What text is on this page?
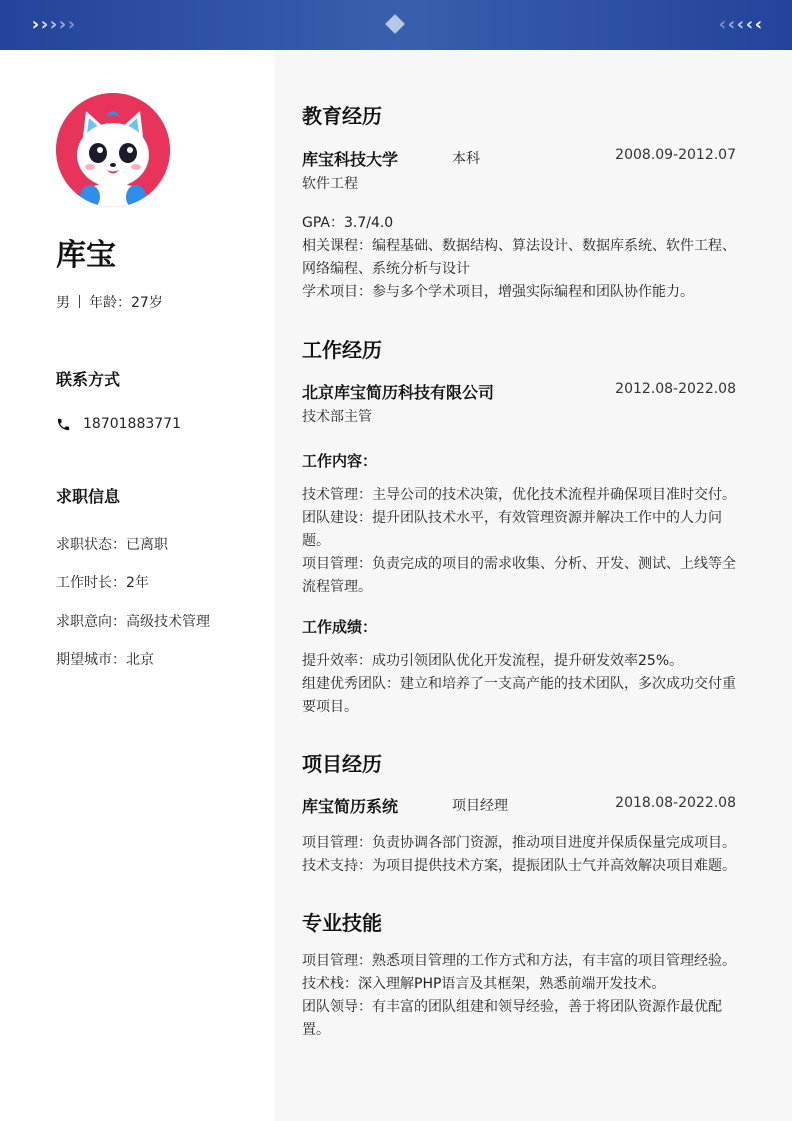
› › › › ›	‹ ‹ ‹ ‹ ‹
库宝
男 年龄：27岁
联系方式
18701883771
求职信息
求职状态：已离职
工作时长：2年
求职意向：高级技术管理
期望城市：北京
教育经历
库宝科技大学	本科	2008.09-2012.07
软件工程
GPA：3.7/4.0
相关课程：编程基础、数据结构、算法设计、数据库系统、软件工程、网络编程、系统分析与设计
学术项目：参与多个学术项目，增强实际编程和团队协作能力。
工作经历
北京库宝简历科技有限公司	2012.08-2022.08
技术部主管
工作内容：
技术管理：主导公司的技术决策，优化技术流程并确保项目准时交付。
团队建设：提升团队技术水平，有效管理资源并解决工作中的人力问题。
项目管理：负责完成的项目的需求收集、分析、开发、测试、上线等全流程管理。
工作成绩：
提升效率：成功引领团队优化开发流程，提升研发效率25%。
组建优秀团队：建立和培养了一支高产能的技术团队，多次成功交付重要项目。
项目经历
库宝简历系统	项目经理	2018.08-2022.08
项目管理：负责协调各部门资源，推动项目进度并保质保量完成项目。
技术支持：为项目提供技术方案，提振团队士气并高效解决项目难题。
专业技能
项目管理：熟悉项目管理的工作方式和方法，有丰富的项目管理经验。
技术栈：深入理解PHP语言及其框架，熟悉前端开发技术。
团队领导：有丰富的团队组建和领导经验，善于将团队资源作最优配置。
